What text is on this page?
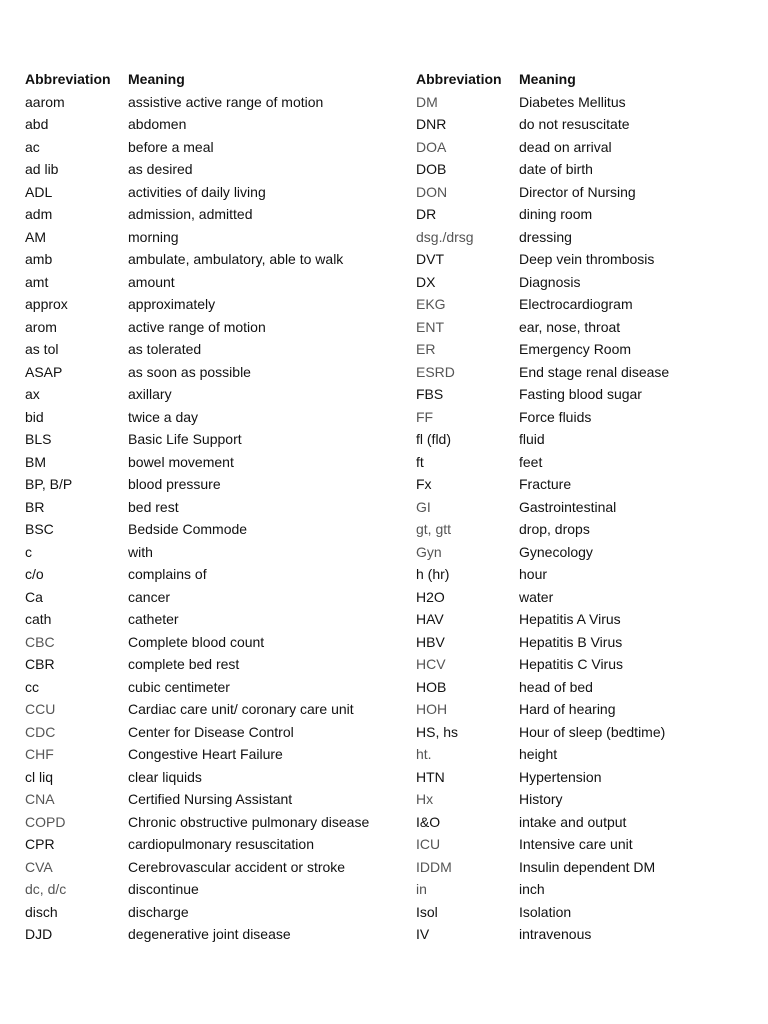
Abbreviation	Meaning
aarom	assistive active range of motion
abd	abdomen
ac	before a meal
ad lib	as desired
ADL	activities of daily living
adm	admission, admitted
AM	morning
amb	ambulate, ambulatory, able to walk
amt	amount
approx	approximately
arom	active range of motion
as tol	as tolerated
ASAP	as soon as possible
ax	axillary
bid	twice a day
BLS	Basic Life Support
BM	bowel movement
BP, B/P	blood pressure
BR	bed rest
BSC	Bedside Commode
c	with
c/o	complains of
Ca	cancer
cath	catheter
CBC	Complete blood count
CBR	complete bed rest
cc	cubic centimeter
CCU	Cardiac care unit/ coronary care unit
CDC	Center for Disease Control
CHF	Congestive Heart Failure
cl liq	clear liquids
CNA	Certified Nursing Assistant
COPD	Chronic obstructive pulmonary disease
CPR	cardiopulmonary resuscitation
CVA	Cerebrovascular accident or stroke
dc, d/c	discontinue
disch	discharge
DJD	degenerative joint disease
Abbreviation	Meaning
DM	Diabetes Mellitus
DNR	do not resuscitate
DOA	dead on arrival
DOB	date of birth
DON	Director of Nursing
DR	dining room
dsg./drsg	dressing
DVT	Deep vein thrombosis
DX	Diagnosis
EKG	Electrocardiogram
ENT	ear, nose, throat
ER	Emergency Room
ESRD	End stage renal disease
FBS	Fasting blood sugar
FF	Force fluids
fl (fld)	fluid
ft	feet
Fx	Fracture
GI	Gastrointestinal
gt, gtt	drop, drops
Gyn	Gynecology
h (hr)	hour
H2O	water
HAV	Hepatitis A Virus
HBV	Hepatitis B Virus
HCV	Hepatitis C Virus
HOB	head of bed
HOH	Hard of hearing
HS, hs	Hour of sleep (bedtime)
ht.	height
HTN	Hypertension
Hx	History
I&O	intake and output
ICU	Intensive care unit
IDDM	Insulin dependent DM
in	inch
Isol	Isolation
IV	intravenous
